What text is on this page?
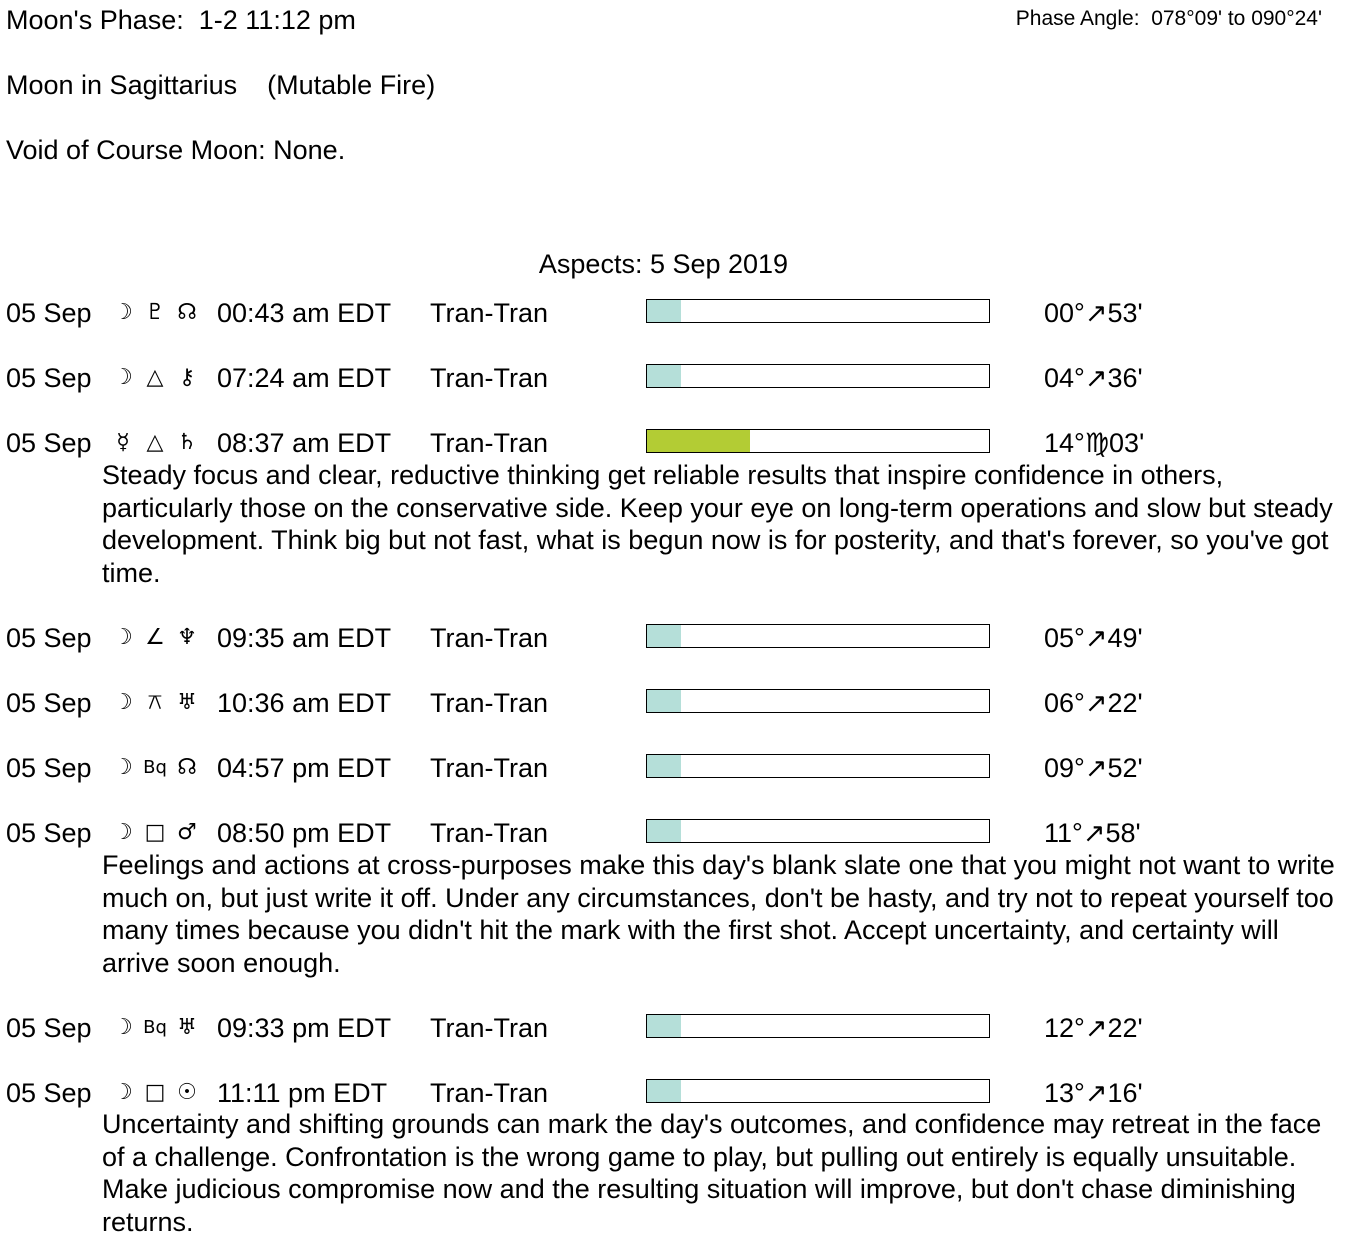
Moon's Phase: 1-2 11:12 pm	Phase Angle: 078°09' to 090°24'
Moon in Sagittarius (Mutable Fire)
Void of Course Moon: None.
Aspects: 5 Sep 2019
05 Sep ☽ ♇ ☊ 00:43 am EDT Tran-Tran	00°↗53'
05 Sep ☽ △ ⚷ 07:24 am EDT Tran-Tran	04°↗36'
05 Sep ☿ △ ♄ 08:37 am EDT Tran-Tran	14°♍03'
Steady focus and clear, reductive thinking get reliable results that inspire confidence in others, particularly those on the conservative side. Keep your eye on long-term operations and slow but steady development. Think big but not fast, what is begun now is for posterity, and that's forever, so you've got time.
05 Sep ☽ ∠ ♆ 09:35 am EDT Tran-Tran	05°↗49'
05 Sep ☽ ⚻ ♅ 10:36 am EDT Tran-Tran	06°↗22'
05 Sep ☽ Bq ☊ 04:57 pm EDT Tran-Tran	09°↗52'
05 Sep ☽ □ ♂ 08:50 pm EDT Tran-Tran	11°↗58'
Feelings and actions at cross-purposes make this day's blank slate one that you might not want to write much on, but just write it off. Under any circumstances, don't be hasty, and try not to repeat yourself too many times because you didn't hit the mark with the first shot. Accept uncertainty, and certainty will arrive soon enough.
05 Sep ☽ Bq ♅ 09:33 pm EDT Tran-Tran	12°↗22'
05 Sep ☽ □ ☉ 11:11 pm EDT Tran-Tran	13°↗16'
Uncertainty and shifting grounds can mark the day's outcomes, and confidence may retreat in the face of a challenge. Confrontation is the wrong game to play, but pulling out entirely is equally unsuitable. Make judicious compromise now and the resulting situation will improve, but don't chase diminishing returns.
